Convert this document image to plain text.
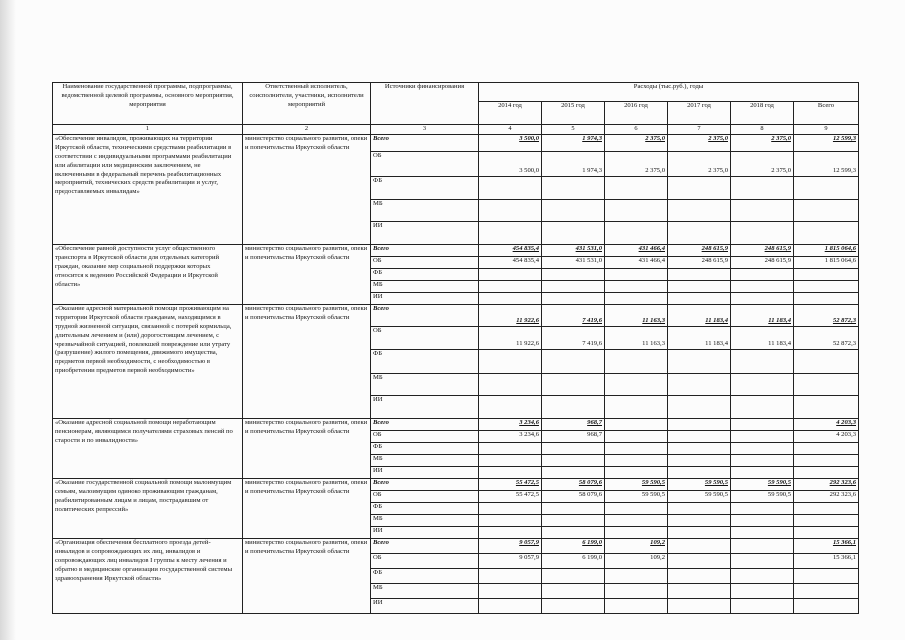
Наименование государственной программы, подпрограммы, ведомственной целевой программы, основного мероприятия, мероприятия	Ответственный исполнитель, соисполнители, участники, исполнители мероприятий	Источники финансирования	Расходы (тыс.руб.), годы					
			2014 год	2015 год	2016 год	2017 год	2018 год	Всего
1	2	3	4	5	6	7	8	9
«Обеспечение инвалидов, проживающих на территории Иркутской области, техническими средствами реабилитации в соответствии с индивидуальными программами реабилитации или абилитации или медицинским заключением, не включенными в федеральный перечень реабилитационных мероприятий, технических средств реабилитации и услуг, предоставляемых инвалидам»	министерство социального развития, опеки и попечительства Иркутской области	Всего	3 500,0	1 974,3	2 375,0	2 375,0	2 375,0	12 599,3
		ОБ	3 500,0	1 974,3	2 375,0	2 375,0	2 375,0	12 599,3
		ФБ						
		МБ						
		ИИ						
«Обеспечение равной доступности услуг общественного транспорта в Иркутской области для отдельных категорий граждан, оказание мер социальной поддержки которых относится к ведению Российской Федерации и Иркутской области»	министерство социального развития, опеки и попечительства Иркутской области	Всего	454 835,4	431 531,0	431 466,4	248 615,9	248 615,9	1 815 064,6
		ОБ	454 835,4	431 531,0	431 466,4	248 615,9	248 615,9	1 815 064,6
		ФБ						
		МБ						
		ИИ						
«Оказание адресной материальной помощи проживающим на территории Иркутской области гражданам, находящимся в трудной жизненной ситуации, связанной с потерей кормильца, длительным лечением и (или) дорогостоящим лечением, с чрезвычайной ситуацией, повлекшей повреждение или утрату (разрушение) жилого помещения, движимого имущества, предметов первой необходимости, с необходимостью в приобретении предметов первой необходимости»	министерство социального развития, опеки и попечительства Иркутской области	Всего	11 922,6	7 419,6	11 163,3	11 183,4	11 183,4	52 872,3
		ОБ	11 922,6	7 419,6	11 163,3	11 183,4	11 183,4	52 872,3
		ФБ						
		МБ						
		ИИ						
«Оказание адресной социальной помощи неработающим пенсионерам, являющимся получателями страховых пенсий по старости и по инвалидности»	министерство социального развития, опеки и попечительства Иркутской области	Всего	3 234,6	968,7				4 203,3
		ОБ	3 234,6	968,7				4 203,3
		ФБ						
		МБ						
		ИИ						
«Оказание государственной социальной помощи малоимущим семьям, малоимущим одиноко проживающим гражданам, реабилитированным лицам и лицам, пострадавшим от политических репрессий»	министерство социального развития, опеки и попечительства Иркутской области	Всего	55 472,5	58 079,6	59 590,5	59 590,5	59 590,5	292 323,6
		ОБ	55 472,5	58 079,6	59 590,5	59 590,5	59 590,5	292 323,6
		ФБ						
		МБ						
		ИИ						
«Организация обеспечения бесплатного проезда детей-инвалидов и сопровождающих их лиц, инвалидов и сопровождающих лиц инвалидов I группы к месту лечения и обратно в медицинские организации государственной системы здравоохранения Иркутской области»	министерство социального развития, опеки и попечительства Иркутской области	Всего	9 057,9	6 199,0	109,2			15 366,1
		ОБ	9 057,9	6 199,0	109,2			15 366,1
		ФБ						
		МБ						
		ИИ						
